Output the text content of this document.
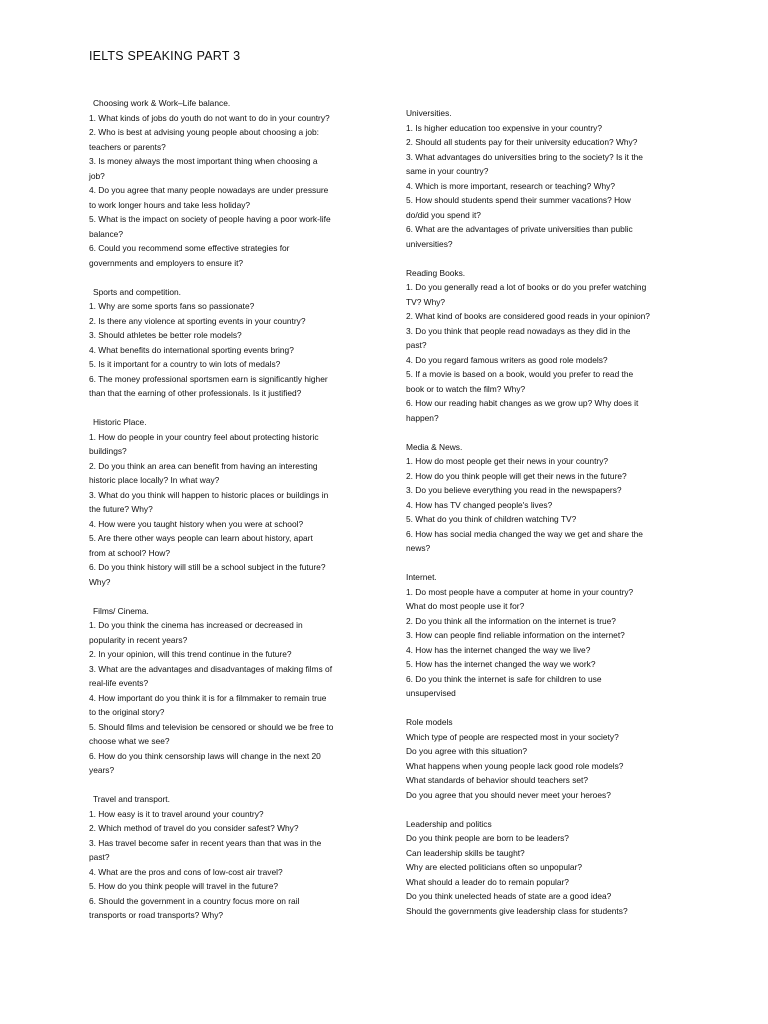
IELTS SPEAKING PART 3
Choosing work & Work–Life balance.
1. What kinds of jobs do youth do not want to do in your country?
2. Who is best at advising young people about choosing a job:
teachers or parents?
3. Is money always the most important thing when choosing a
job?
4. Do you agree that many people nowadays are under pressure
to work longer hours and take less holiday?
5. What is the impact on society of people having a poor work-life
balance?
6. Could you recommend some effective strategies for
governments and employers to ensure it?
Sports and competition.
1. Why are some sports fans so passionate?
2. Is there any violence at sporting events in your country?
3. Should athletes be better role models?
4. What benefits do international sporting events bring?
5. Is it important for a country to win lots of medals?
6. The money professional sportsmen earn is significantly higher
than that the earning of other professionals. Is it justified?
Historic Place.
1. How do people in your country feel about protecting historic
buildings?
2. Do you think an area can benefit from having an interesting
historic place locally? In what way?
3. What do you think will happen to historic places or buildings in
the future? Why?
4. How were you taught history when you were at school?
5. Are there other ways people can learn about history, apart
from at school? How?
6. Do you think history will still be a school subject in the future?
Why?
Films/ Cinema.
1. Do you think the cinema has increased or decreased in
popularity in recent years?
2. In your opinion, will this trend continue in the future?
3. What are the advantages and disadvantages of making films of
real-life events?
4. How important do you think it is for a filmmaker to remain true
to the original story?
5. Should films and television be censored or should we be free to
choose what we see?
6. How do you think censorship laws will change in the next 20
years?
Travel and transport.
1. How easy is it to travel around your country?
2. Which method of travel do you consider safest? Why?
3. Has travel become safer in recent years than that was in the
past?
4. What are the pros and cons of low-cost air travel?
5. How do you think people will travel in the future?
6. Should the government in a country focus more on rail
transports or road transports? Why?
Universities.
1. Is higher education too expensive in your country?
2. Should all students pay for their university education? Why?
3. What advantages do universities bring to the society? Is it the
same in your country?
4. Which is more important, research or teaching? Why?
5. How should students spend their summer vacations? How
do/did you spend it?
6. What are the advantages of private universities than public
universities?
Reading Books.
1. Do you generally read a lot of books or do you prefer watching
TV? Why?
2. What kind of books are considered good reads in your opinion?
3. Do you think that people read nowadays as they did in the
past?
4. Do you regard famous writers as good role models?
5. If a movie is based on a book, would you prefer to read the
book or to watch the film? Why?
6. How our reading habit changes as we grow up? Why does it
happen?
Media & News.
1. How do most people get their news in your country?
2. How do you think people will get their news in the future?
3. Do you believe everything you read in the newspapers?
4. How has TV changed people's lives?
5. What do you think of children watching TV?
6. How has social media changed the way we get and share the
news?
Internet.
1. Do most people have a computer at home in your country?
What do most people use it for?
2. Do you think all the information on the internet is true?
3. How can people find reliable information on the internet?
4. How has the internet changed the way we live?
5. How has the internet changed the way we work?
6. Do you think the internet is safe for children to use
unsupervised
Role models
Which type of people are respected most in your society?
Do you agree with this situation?
What happens when young people lack good role models?
What standards of behavior should teachers set?
Do you agree that you should never meet your heroes?
Leadership and politics
Do you think people are born to be leaders?
Can leadership skills be taught?
Why are elected politicians often so unpopular?
What should a leader do to remain popular?
Do you think unelected heads of state are a good idea?
Should the governments give leadership class for students?
